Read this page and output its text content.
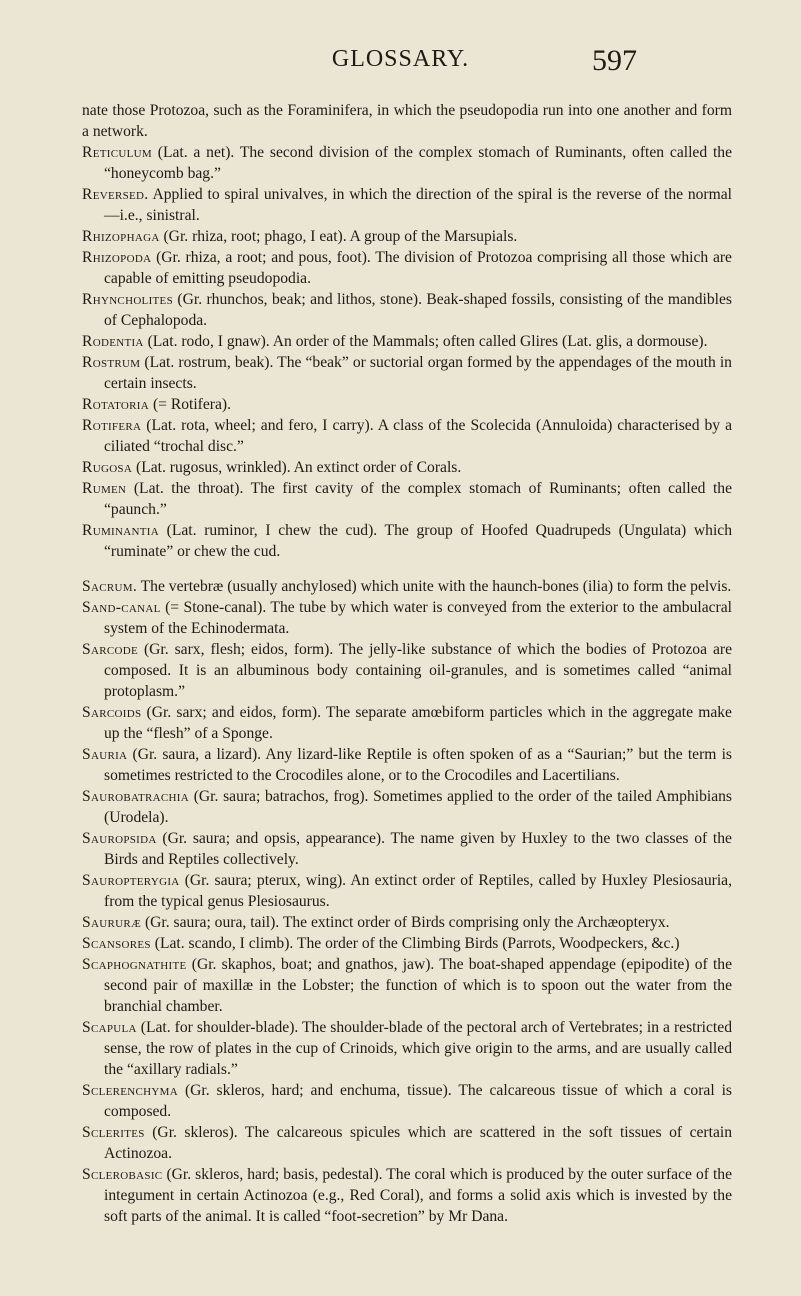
GLOSSARY.	597

nate those Protozoa, such as the Foraminifera, in which the pseudopodia run into one another and form a network.

Reticulum (Lat. a net). The second division of the complex stomach of Ruminants, often called the “honeycomb bag.”

Reversed. Applied to spiral univalves, in which the direction of the spiral is the reverse of the normal—i.e., sinistral.

Rhizophaga (Gr. rhiza, root; phago, I eat). A group of the Marsupials.

Rhizopoda (Gr. rhiza, a root; and pous, foot). The division of Protozoa comprising all those which are capable of emitting pseudopodia.

Rhyncholites (Gr. rhunchos, beak; and lithos, stone). Beak-shaped fossils, consisting of the mandibles of Cephalopoda.

Rodentia (Lat. rodo, I gnaw). An order of the Mammals; often called Glires (Lat. glis, a dormouse).

Rostrum (Lat. rostrum, beak). The “beak” or suctorial organ formed by the appendages of the mouth in certain insects.

Rotatoria (= Rotifera).

Rotifera (Lat. rota, wheel; and fero, I carry). A class of the Scolecida (Annuloida) characterised by a ciliated “trochal disc.”

Rugosa (Lat. rugosus, wrinkled). An extinct order of Corals.

Rumen (Lat. the throat). The first cavity of the complex stomach of Ruminants; often called the “paunch.”

Ruminantia (Lat. ruminor, I chew the cud). The group of Hoofed Quadrupeds (Ungulata) which “ruminate” or chew the cud.

Sacrum. The vertebræ (usually anchylosed) which unite with the haunch-bones (ilia) to form the pelvis.

Sand-canal (= Stone-canal). The tube by which water is conveyed from the exterior to the ambulacral system of the Echinodermata.

Sarcode (Gr. sarx, flesh; eidos, form). The jelly-like substance of which the bodies of Protozoa are composed. It is an albuminous body containing oil-granules, and is sometimes called “animal protoplasm.”

Sarcoids (Gr. sarx; and eidos, form). The separate amœbiform particles which in the aggregate make up the “flesh” of a Sponge.

Sauria (Gr. saura, a lizard). Any lizard-like Reptile is often spoken of as a “Saurian;” but the term is sometimes restricted to the Crocodiles alone, or to the Crocodiles and Lacertilians.

Saurobatrachia (Gr. saura; batrachos, frog). Sometimes applied to the order of the tailed Amphibians (Urodela).

Sauropsida (Gr. saura; and opsis, appearance). The name given by Huxley to the two classes of the Birds and Reptiles collectively.

Sauropterygia (Gr. saura; pterux, wing). An extinct order of Reptiles, called by Huxley Plesiosauria, from the typical genus Plesiosaurus.

Saururæ (Gr. saura; oura, tail). The extinct order of Birds comprising only the Archæopteryx.

Scansores (Lat. scando, I climb). The order of the Climbing Birds (Parrots, Woodpeckers, &c.)

Scaphognathite (Gr. skaphos, boat; and gnathos, jaw). The boat-shaped appendage (epipodite) of the second pair of maxillæ in the Lobster; the function of which is to spoon out the water from the branchial chamber.

Scapula (Lat. for shoulder-blade). The shoulder-blade of the pectoral arch of Vertebrates; in a restricted sense, the row of plates in the cup of Crinoids, which give origin to the arms, and are usually called the “axillary radials.”

Sclerenchyma (Gr. skleros, hard; and enchuma, tissue). The calcareous tissue of which a coral is composed.

Sclerites (Gr. skleros). The calcareous spicules which are scattered in the soft tissues of certain Actinozoa.

Sclerobasic (Gr. skleros, hard; basis, pedestal). The coral which is produced by the outer surface of the integument in certain Actinozoa (e.g., Red Coral), and forms a solid axis which is invested by the soft parts of the animal. It is called “foot-secretion” by Mr Dana.
